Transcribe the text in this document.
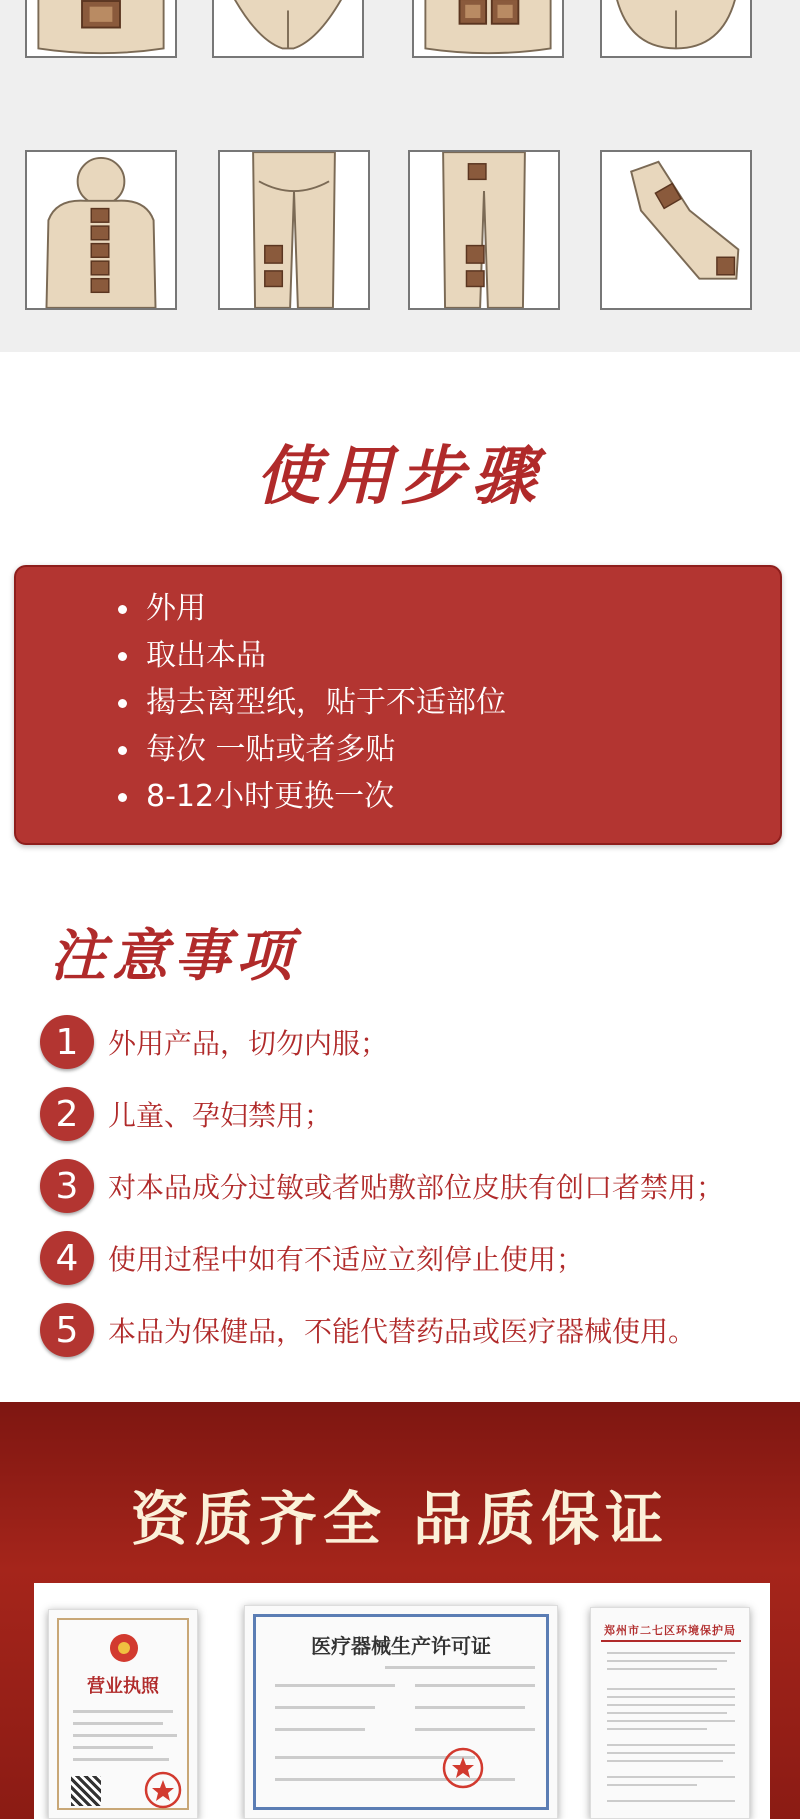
使用步骤
外用
取出本品
揭去离型纸，贴于不适部位
每次 一贴或者多贴
8-12小时更换一次
注意事项
1	外用产品，切勿内服；
2	儿童、孕妇禁用；
3	对本品成分过敏或者贴敷部位皮肤有创口者禁用；
4	使用过程中如有不适应立刻停止使用；
5	本品为保健品，不能代替药品或医疗器械使用。
资质齐全 品质保证
营业执照
医疗器械生产许可证
郑州市二七区环境保护局
